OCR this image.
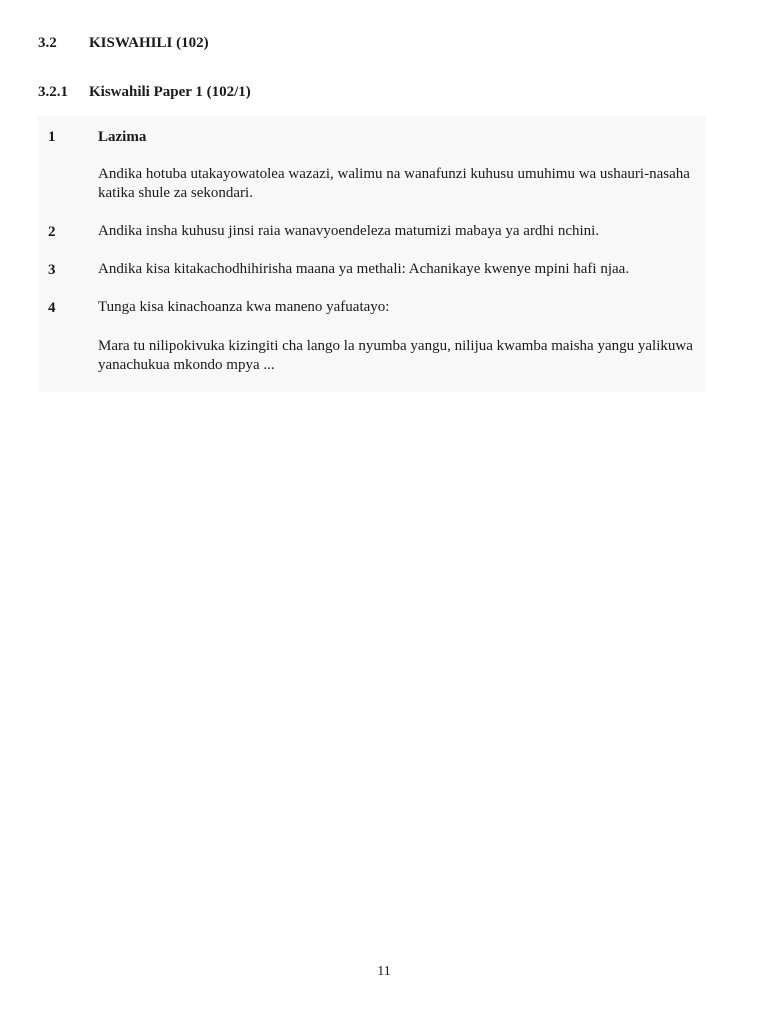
3.2 KISWAHILI (102)
3.2.1 Kiswahili Paper 1 (102/1)
1	Lazima
Andika hotuba utakayowatolea wazazi, walimu na wanafunzi kuhusu umuhimu wa ushauri-nasaha katika shule za sekondari.
2	Andika insha kuhusu jinsi raia wanavyoendeleza matumizi mabaya ya ardhi nchini.
3	Andika kisa kitakachodhihirisha maana ya methali: Achanikaye kwenye mpini hafi njaa.
4	Tunga kisa kinachoanza kwa maneno yafuatayo:
Mara tu nilipokivuka kizingiti cha lango la nyumba yangu, nilijua kwamba maisha yangu yalikuwa yanachukua mkondo mpya ...
11
